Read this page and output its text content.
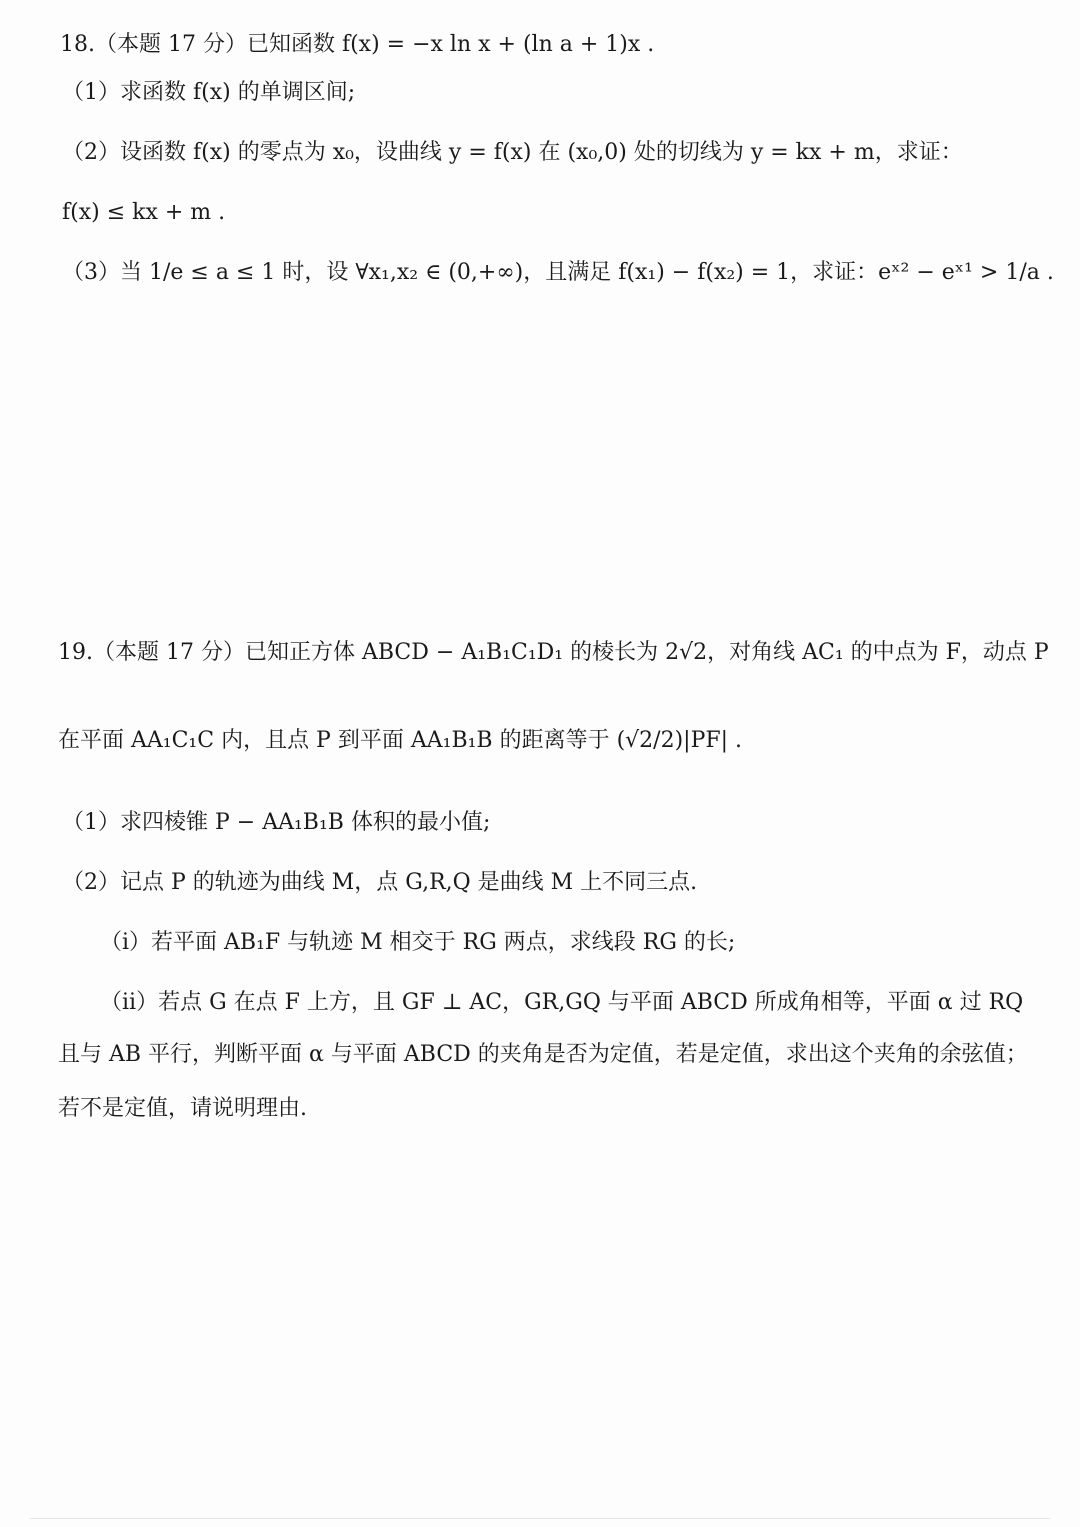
18.（本题 17 分）已知函数 f(x) = −x ln x + (ln a + 1)x .
（1）求函数 f(x) 的单调区间;
（2）设函数 f(x) 的零点为 x₀，设曲线 y = f(x) 在 (x₀,0) 处的切线为 y = kx + m，求证：
f(x) ≤ kx + m .
（3）当 1/e ≤ a ≤ 1 时，设 ∀x₁,x₂ ∈ (0,+∞)，且满足 f(x₁) − f(x₂) = 1，求证：eˣ² − eˣ¹ > 1/a .
19.（本题 17 分）已知正方体 ABCD − A₁B₁C₁D₁ 的棱长为 2√2，对角线 AC₁ 的中点为 F，动点 P
在平面 AA₁C₁C 内，且点 P 到平面 AA₁B₁B 的距离等于 (√2/2)|PF| .
（1）求四棱锥 P − AA₁B₁B 体积的最小值;
（2）记点 P 的轨迹为曲线 M，点 G,R,Q 是曲线 M 上不同三点.
（ⅰ）若平面 AB₁F 与轨迹 M 相交于 RG 两点，求线段 RG 的长;
（ⅱ）若点 G 在点 F 上方，且 GF ⊥ AC，GR,GQ 与平面 ABCD 所成角相等，平面 α 过 RQ
且与 AB 平行，判断平面 α 与平面 ABCD 的夹角是否为定值，若是定值，求出这个夹角的余弦值；
若不是定值，请说明理由.
